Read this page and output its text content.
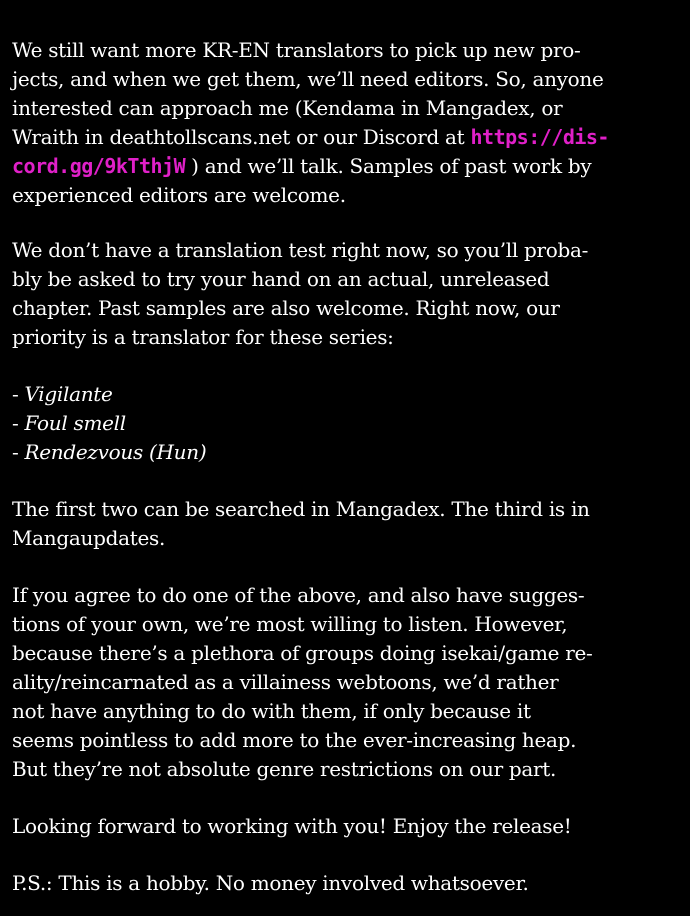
We still want more KR-EN translators to pick up new pro-
jects, and when we get them, we’ll need editors. So, anyone
interested can approach me (Kendama in Mangadex, or
Wraith in deathtollscans.net or our Discord at https://dis-
cord.gg/9kTthjW ) and we’ll talk. Samples of past work by
experienced editors are welcome.
We don’t have a translation test right now, so you’ll proba-
bly be asked to try your hand on an actual, unreleased
chapter. Past samples are also welcome. Right now, our
priority is a translator for these series:
- Vigilante
- Foul smell
- Rendezvous (Hun)
The first two can be searched in Mangadex. The third is in
Mangaupdates.
If you agree to do one of the above, and also have sugges-
tions of your own, we’re most willing to listen. However,
because there’s a plethora of groups doing isekai/game re-
ality/reincarnated as a villainess webtoons, we’d rather
not have anything to do with them, if only because it
seems pointless to add more to the ever-increasing heap.
But they’re not absolute genre restrictions on our part.
Looking forward to working with you! Enjoy the release!
P.S.: This is a hobby. No money involved whatsoever.
